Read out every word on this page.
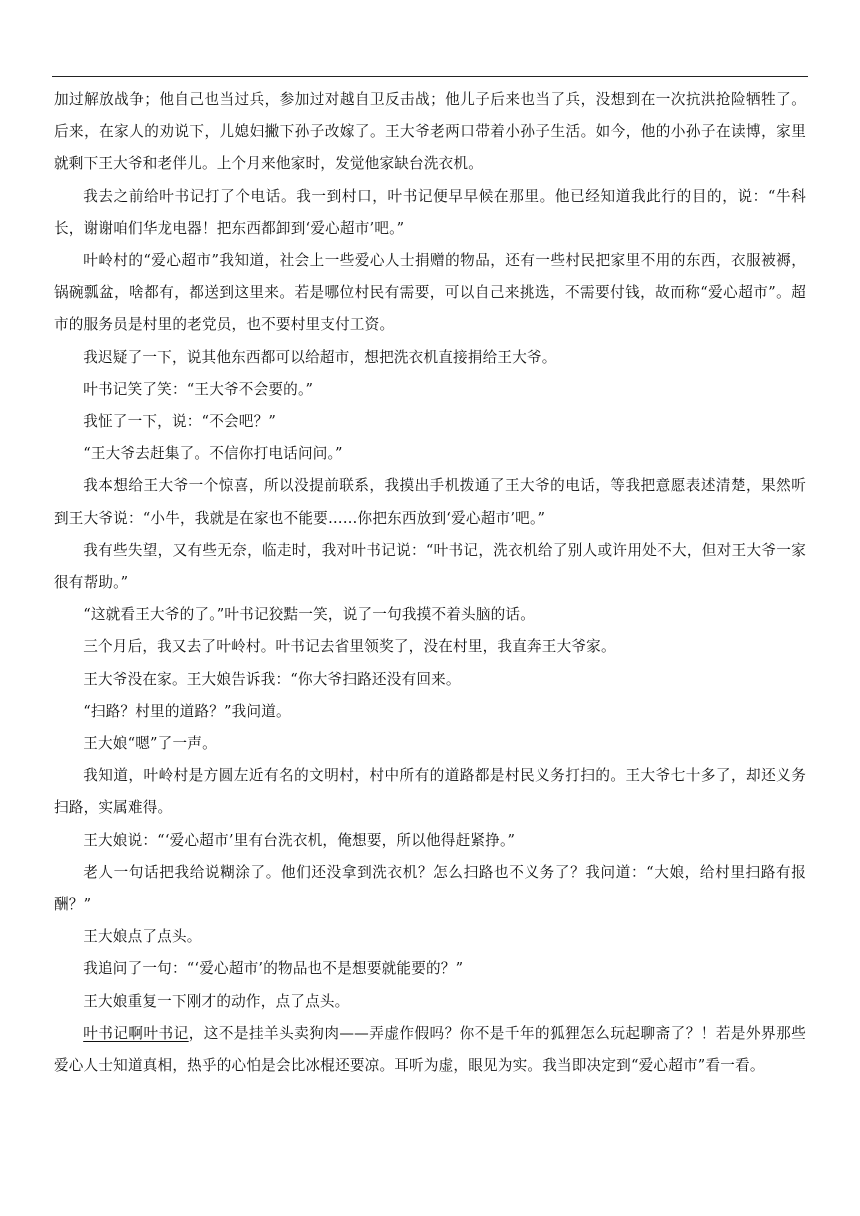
加过解放战争；他自己也当过兵，参加过对越自卫反击战；他儿子后来也当了兵，没想到在一次抗洪抢险牺牲了。后来，在家人的劝说下，儿媳妇撇下孙子改嫁了。王大爷老两口带着小孙子生活。如今，他的小孙子在读博，家里就剩下王大爷和老伴儿。上个月来他家时，发觉他家缺台洗衣机。

我去之前给叶书记打了个电话。我一到村口，叶书记便早早候在那里。他已经知道我此行的目的，说：“牛科长，谢谢咱们华龙电器！把东西都卸到‘爱心超市’吧。”

叶岭村的“爱心超市”我知道，社会上一些爱心人士捐赠的物品，还有一些村民把家里不用的东西，衣服被褥，锅碗瓢盆，啥都有，都送到这里来。若是哪位村民有需要，可以自己来挑选，不需要付钱，故而称“爱心超市”。超市的服务员是村里的老党员，也不要村里支付工资。

我迟疑了一下，说其他东西都可以给超市，想把洗衣机直接捐给王大爷。

叶书记笑了笑：“王大爷不会要的。”

我怔了一下，说：“不会吧？”

“王大爷去赶集了。不信你打电话问问。”

我本想给王大爷一个惊喜，所以没提前联系，我摸出手机拨通了王大爷的电话，等我把意愿表述清楚，果然听到王大爷说：“小牛，我就是在家也不能要……你把东西放到‘爱心超市’吧。”

我有些失望，又有些无奈，临走时，我对叶书记说：“叶书记，洗衣机给了别人或许用处不大，但对王大爷一家很有帮助。”

“这就看王大爷的了。”叶书记狡黠一笑，说了一句我摸不着头脑的话。

三个月后，我又去了叶岭村。叶书记去省里领奖了，没在村里，我直奔王大爷家。

王大爷没在家。王大娘告诉我：“你大爷扫路还没有回来。

“扫路？村里的道路？”我问道。

王大娘“嗯”了一声。

我知道，叶岭村是方圆左近有名的文明村，村中所有的道路都是村民义务打扫的。王大爷七十多了，却还义务扫路，实属难得。

王大娘说：“‘爱心超市’里有台洗衣机，俺想要，所以他得赶紧挣。”

老人一句话把我给说糊涂了。他们还没拿到洗衣机？怎么扫路也不义务了？我问道：“大娘，给村里扫路有报酬？”

王大娘点了点头。

我追问了一句：“‘爱心超市’的物品也不是想要就能要的？”

王大娘重复一下刚才的动作，点了点头。

叶书记啊叶书记，这不是挂羊头卖狗肉——弄虚作假吗？你不是千年的狐狸怎么玩起聊斋了？！若是外界那些爱心人士知道真相，热乎的心怕是会比冰棍还要凉。耳听为虚，眼见为实。我当即决定到“爱心超市”看一看。
